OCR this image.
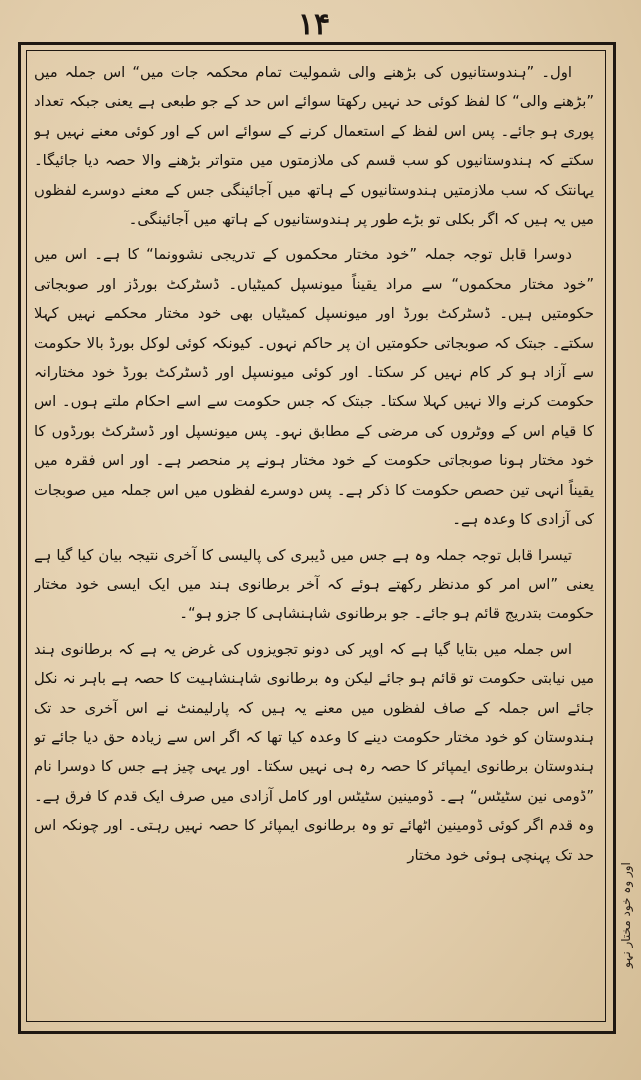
۱۴

اول۔ ”ہندوستانیوں کی بڑھنے والی شمولیت تمام محکمہ جات میں“ اس جملہ میں ”بڑھنے والی“ کا لفظ کوئی حد نہیں رکھتا سوائے اس حد کے جو طبعی ہے یعنی جبکہ تعداد پوری ہو جائے۔ پس اس لفظ کے استعمال کرنے کے سوائے اس کے اور کوئی معنے نہیں ہو سکتے کہ ہندوستانیوں کو سب قسم کی ملازمتوں میں متواتر بڑھنے والا حصہ دیا جائیگا۔ یہانتک کہ سب ملازمتیں ہندوستانیوں کے ہاتھ میں آجائینگی جس کے معنے دوسرے لفظوں میں یہ ہیں کہ اگر بکلی تو بڑے طور پر ہندوستانیوں کے ہاتھ میں آجائینگی۔

دوسرا قابل توجہ جملہ ”خود مختار محکموں کے تدریجی نشوونما“ کا ہے۔ اس میں ”خود مختار محکموں“ سے مراد یقیناً میونسپل کمیٹیاں۔ ڈسٹرکٹ بورڈز اور صوبجاتی حکومتیں ہیں۔ ڈسٹرکٹ بورڈ اور میونسپل کمیٹیاں بھی خود مختار محکمے نہیں کہلا سکتے۔ جبتک کہ صوبجاتی حکومتیں ان پر حاکم نہوں۔ کیونکہ کوئی لوکل بورڈ بالا حکومت سے آزاد ہو کر کام نہیں کر سکتا۔ اور کوئی میونسپل اور ڈسٹرکٹ بورڈ خود مختارانہ حکومت کرنے والا نہیں کہلا سکتا۔ جبتک کہ جس حکومت سے اسے احکام ملتے ہوں۔ اس کا قیام اس کے ووٹروں کی مرضی کے مطابق نہو۔ پس میونسپل اور ڈسٹرکٹ بورڈوں کا خود مختار ہونا صوبجاتی حکومت کے خود مختار ہونے پر منحصر ہے۔ اور اس فقرہ میں یقیناً انہی تین حصص حکومت کا ذکر ہے۔ پس دوسرے لفظوں میں اس جملہ میں صوبجات کی آزادی کا وعدہ ہے۔

تیسرا قابل توجہ جملہ وہ ہے جس میں ڈیبری کی پالیسی کا آخری نتیجہ بیان کیا گیا ہے یعنی ”اس امر کو مدنظر رکھتے ہوئے کہ آخر برطانوی ہند میں ایک ایسی خود مختار حکومت بتدریج قائم ہو جائے۔ جو برطانوی شاہنشاہی کا جزو ہو“۔

اس جملہ میں بتایا گیا ہے کہ اوپر کی دونو تجویزوں کی غرض یہ ہے کہ برطانوی ہند میں نیابتی حکومت تو قائم ہو جائے لیکن وہ برطانوی شاہنشاہیت کا حصہ ہے باہر نہ نکل جائے اس جملہ کے صاف لفظوں میں معنے یہ ہیں کہ پارلیمنٹ نے اس آخری حد تک ہندوستان کو خود مختار حکومت دینے کا وعدہ کیا تھا کہ اگر اس سے زیادہ حق دیا جائے تو ہندوستان برطانوی ایمپائر کا حصہ رہ ہی نہیں سکتا۔ اور یہی چیز ہے جس کا دوسرا نام ”ڈومی نین سٹیٹس“ ہے۔ ڈومینین سٹیٹس اور کامل آزادی میں صرف ایک قدم کا فرق ہے۔ وہ قدم اگر کوئی ڈومینین اٹھائے تو وہ برطانوی ایمپائر کا حصہ نہیں رہتی۔ اور چونکہ اس حد تک پہنچی ہوئی خود مختار

اور وہ خود مختار نہو
